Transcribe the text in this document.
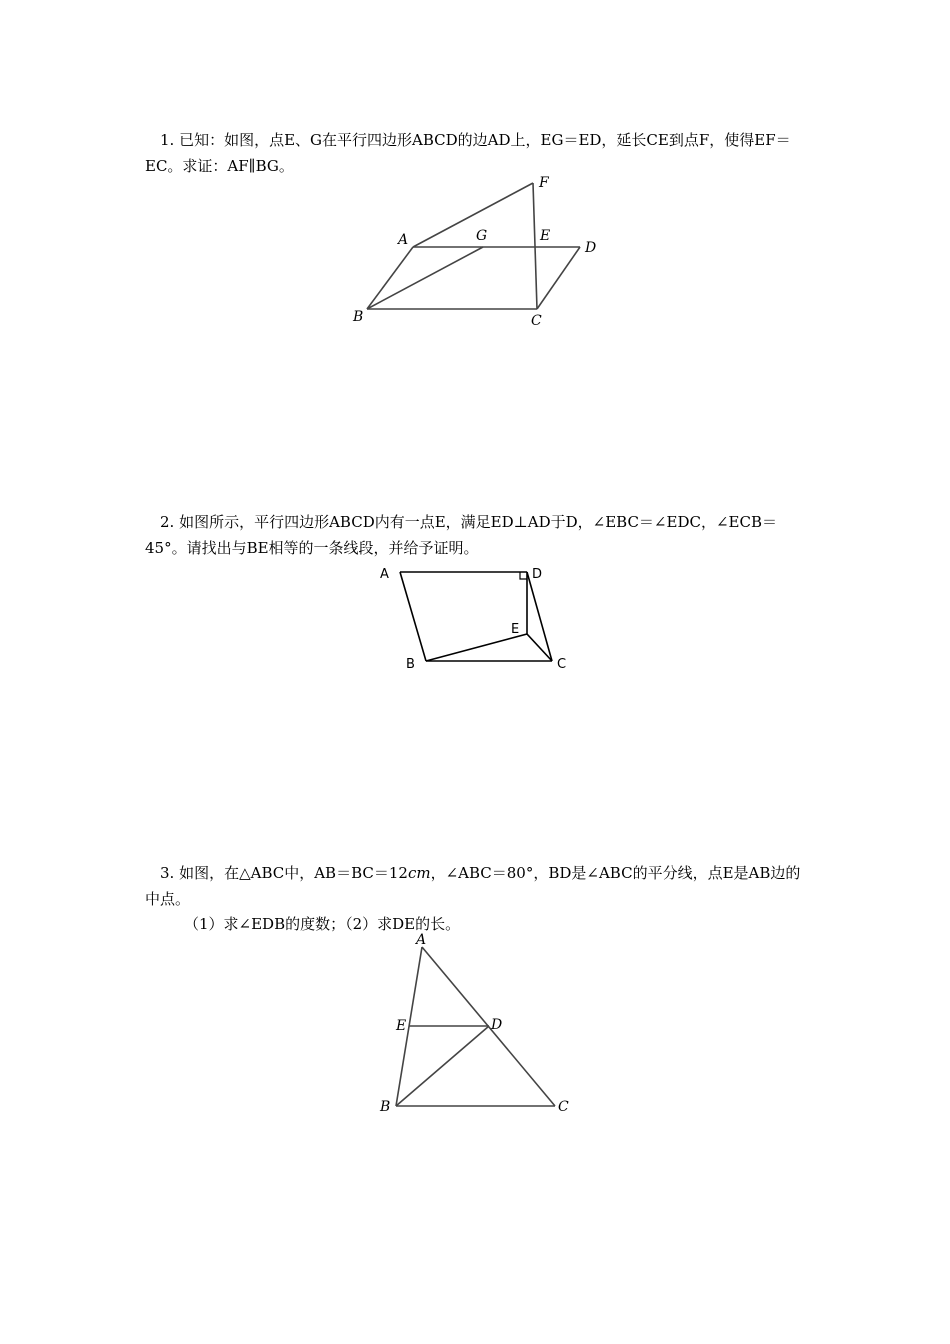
1. 已知：如图，点E、G在平行四边形ABCD的边AD上，EG＝ED，延长CE到点F，使得EF＝EC。求证：AF∥BG。

A	G	E
D
F
B	C

2. 如图所示，平行四边形ABCD内有一点E，满足ED⊥AD于D，∠EBC＝∠EDC，∠ECB＝45°。请找出与BE相等的一条线段，并给予证明。

A	D
E
B	C

3. 如图，在△ABC中，AB＝BC＝12cm，∠ABC＝80°，BD是∠ABC的平分线，点E是AB边的中点。

（1）求∠EDB的度数；（2）求DE的长。

A
E	D
B	C
